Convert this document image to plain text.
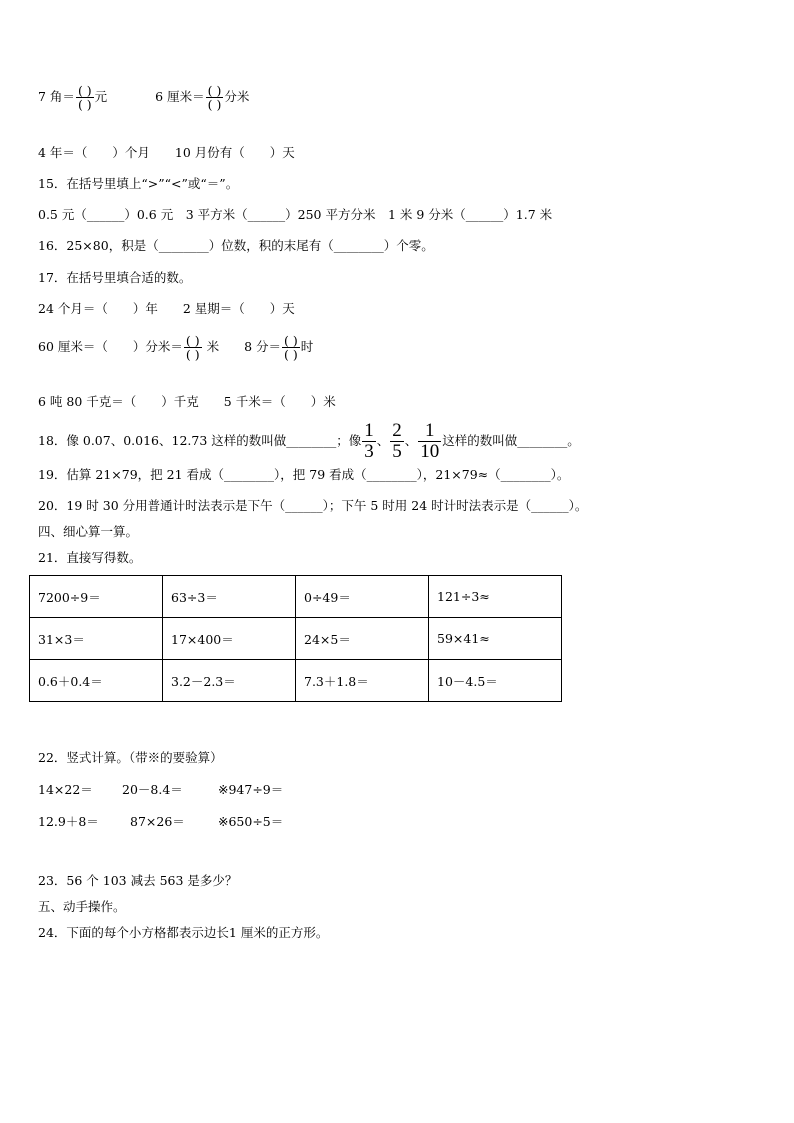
7 角＝ $\frac{( )}{( )}$ 元	6 厘米＝ $\frac{( )}{( )}$ 分米
4 年＝（　　）个月　　10 月份有（　　）天
15．在括号里填上“>”“<”或“＝”。
0.5 元（______）0.6 元　3 平方米（______）250 平方分米　1 米 9 分米（______）1.7 米
16．25×80，积是（________）位数，积的末尾有（________）个零。
17．在括号里填合适的数。
24 个月＝（　　）年　　2 星期＝（　　）天
60 厘米＝（　　）分米＝ $\frac{( )}{( )}$ 米　　8 分＝ $\frac{( )}{( )}$ 时
6 吨 80 千克＝（　　）千克　　5 千米＝（　　）米
18．像 0.07、0.016、12.73 这样的数叫做________；像 $\frac{1}{3}$ 、 $\frac{2}{5}$ 、 $\frac{1}{10}$ 这样的数叫做________。
19．估算 21×79，把 21 看成（________），把 79 看成（________），21×79≈（________）。
20．19 时 30 分用普通计时法表示是下午（______）；下午 5 时用 24 时计时法表示是（______）。
四、细心算一算。
21．直接写得数。
7200÷9＝	63÷3＝	0÷49＝	121÷3≈
31×3＝	17×400＝	24×5＝	59×41≈
0.6＋0.4＝	3.2－2.3＝	7.3＋1.8＝	10－4.5＝
22．竖式计算。（带※的要验算）
14×22＝ 20－8.4＝	※947÷9＝
12.9＋8＝ 87×26＝	※650÷5＝
23．56 个 103 减去 563 是多少？
五、动手操作。
24．下面的每个小方格都表示边长1 厘米的正方形。
